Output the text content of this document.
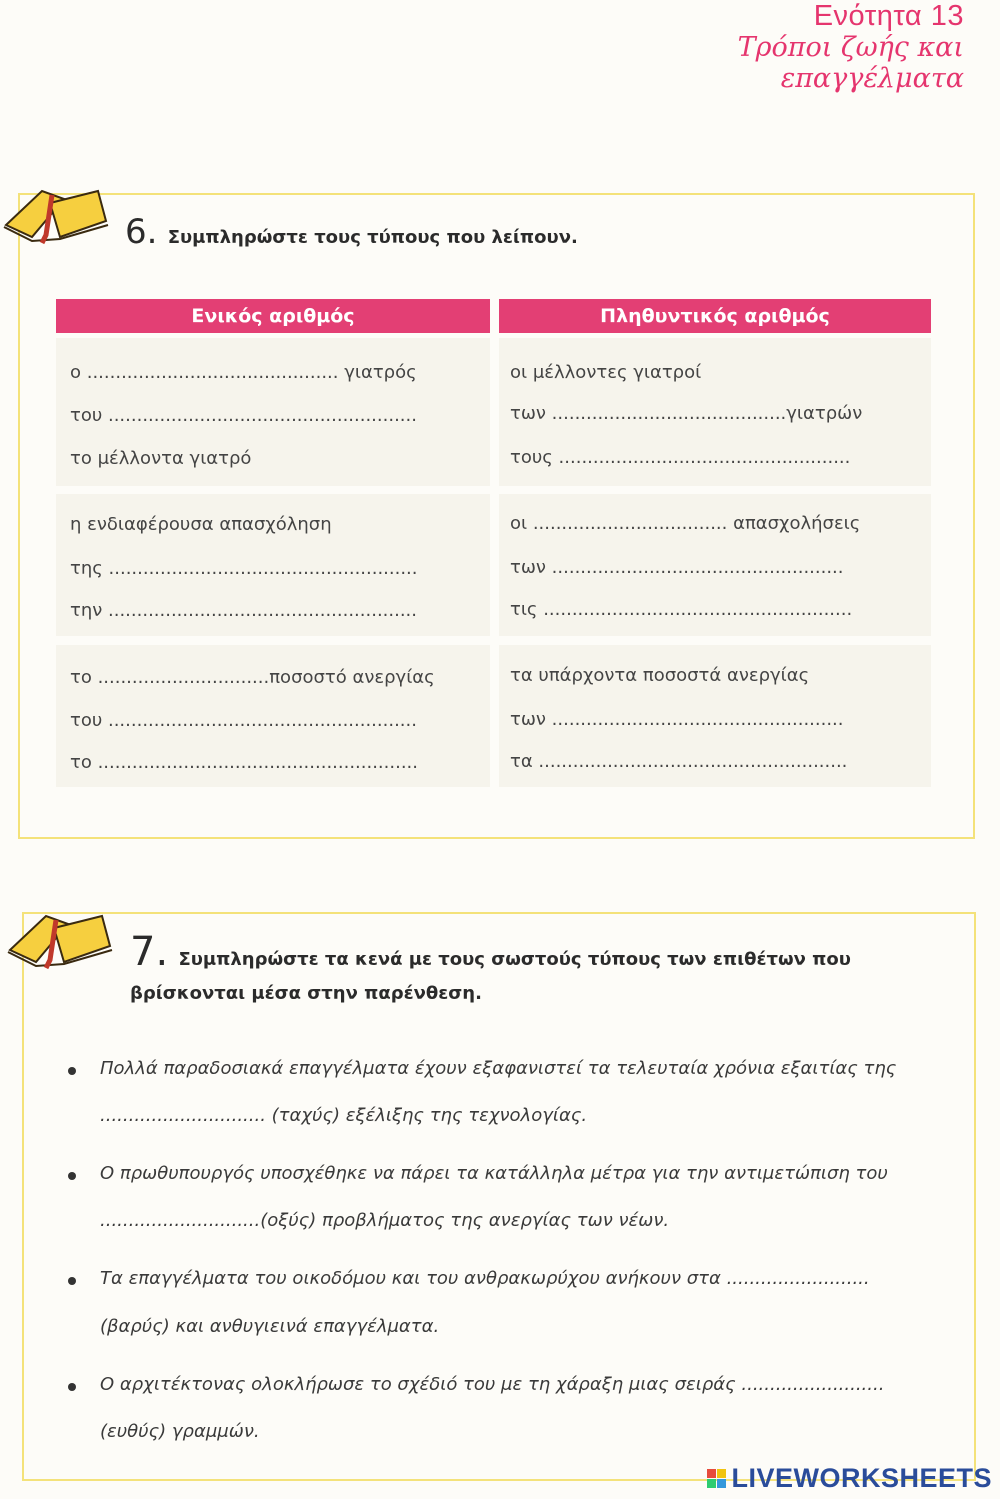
Ενότητα 13
Τρόποι ζωής και
επαγγέλματα
6. Συμπληρώστε τους τύπους που λείπουν.
Ενικός αριθμός	Πληθυντικός αριθμός
ο ............................................ γιατρός
του ......................................................
το μέλλοντα γιατρό
οι μέλλοντες γιατροί
των .........................................γιατρών
τους ...................................................
η ενδιαφέρουσα απασχόληση
της ......................................................
την ......................................................
οι .................................. απασχολήσεις
των ...................................................
τις ......................................................
το ..............................ποσοστό ανεργίας
του ......................................................
το ........................................................
τα υπάρχοντα ποσοστά ανεργίας
των ...................................................
τα ......................................................
7. Συμπληρώστε τα κενά με τους σωστούς τύπους των επιθέτων που
βρίσκονται μέσα στην παρένθεση.
Πολλά παραδοσιακά επαγγέλματα έχουν εξαφανιστεί τα τελευταία χρόνια εξαιτίας της
............................. (ταχύς) εξέλιξης της τεχνολογίας.
Ο πρωθυπουργός υποσχέθηκε να πάρει τα κατάλληλα μέτρα για την αντιμετώπιση του
............................(οξύς) προβλήματος της ανεργίας των νέων.
Τα επαγγέλματα του οικοδόμου και του ανθρακωρύχου ανήκουν στα .........................
(βαρύς) και ανθυγιεινά επαγγέλματα.
Ο αρχιτέκτονας ολοκλήρωσε το σχέδιό του με τη χάραξη μιας σειράς .........................
(ευθύς) γραμμών.
LIVEWORKSHEETS
